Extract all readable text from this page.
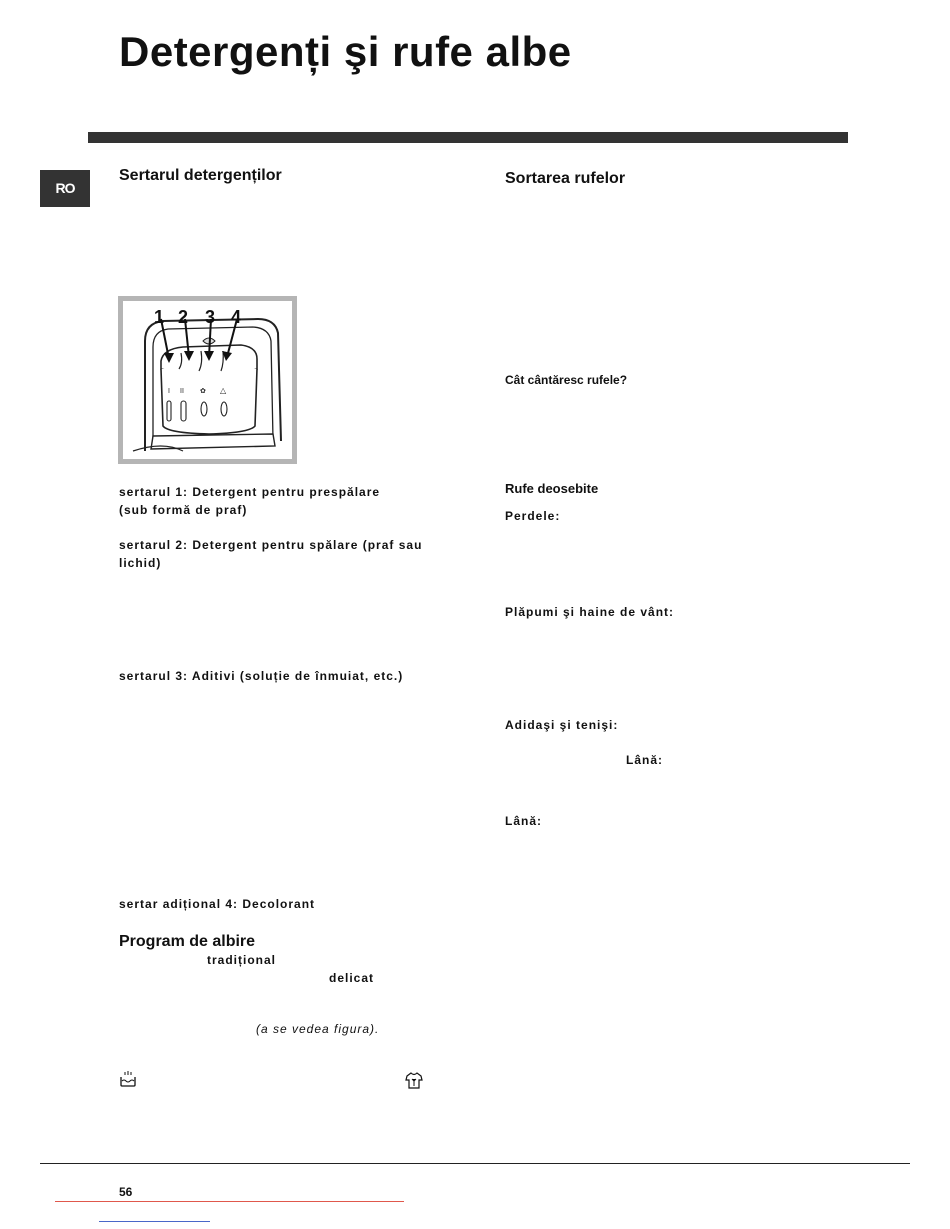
Detergenți şi rufe albe
RO
Sertarul detergenților
I II ✿ △
1 2 3 4
sertarul 1: Detergent pentru prespălare
(sub formă de praf)
sertarul 2: Detergent pentru spălare (praf sau lichid)
sertarul 3: Aditivi (soluție de înmuiat, etc.)
sertar adițional 4: Decolorant
Program de albire
tradițional
delicat
(a se vedea figura).
Sortarea rufelor
Cât cântăresc rufele?
Rufe deosebite
Perdele:
Plăpumi şi haine de vânt:
Adidaşi şi tenişi:
Lână:
Lână:
56
